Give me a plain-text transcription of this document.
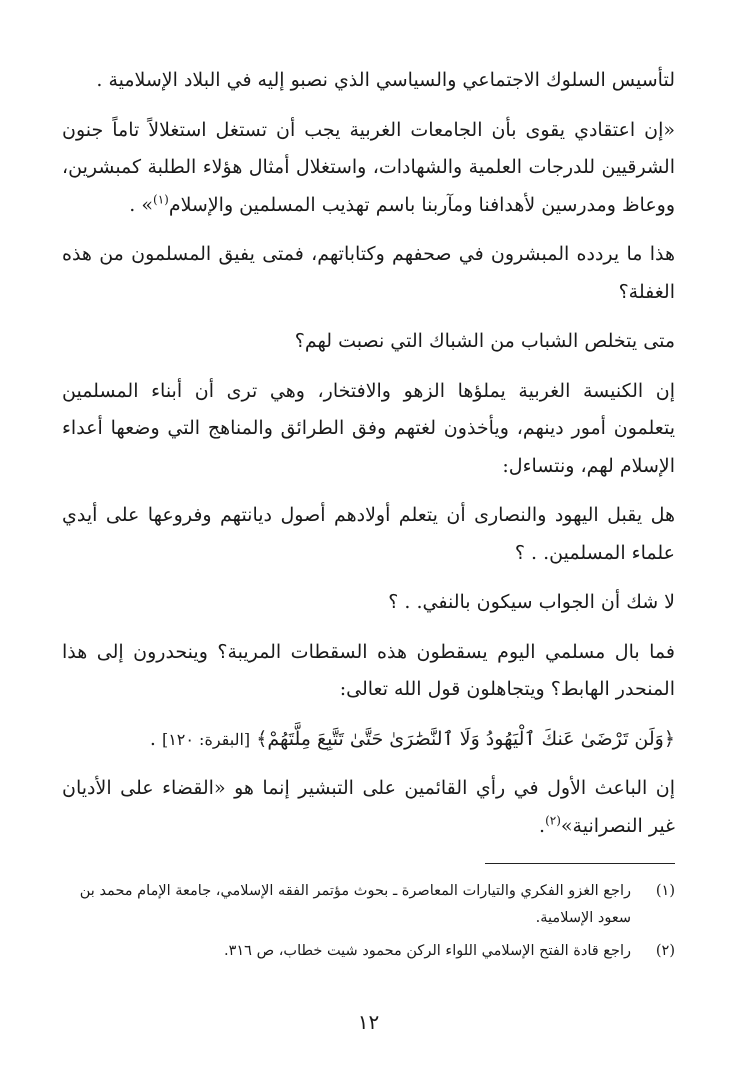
لتأسيس السلوك الاجتماعي والسياسي الذي نصبو إليه في البلاد الإسلامية .

«إن اعتقادي يقوى بأن الجامعات الغربية يجب أن تستغل استغلالاً تاماً جنون الشرقيين للدرجات العلمية والشهادات، واستغلال أمثال هؤلاء الطلبة كمبشرين، ووعاظ ومدرسين لأهدافنا ومآربنا باسم تهذيب المسلمين والإسلام$^{(١)}$» .

هذا ما يردده المبشرون في صحفهم وكتاباتهم، فمتى يفيق المسلمون من هذه الغفلة؟

متى يتخلص الشباب من الشباك التي نصبت لهم؟

إن الكنيسة الغربية يملؤها الزهو والافتخار، وهي ترى أن أبناء المسلمين يتعلمون أمور دينهم، ويأخذون لغتهم وفق الطرائق والمناهج التي وضعها أعداء الإسلام لهم، ونتساءل:

هل يقبل اليهود والنصارى أن يتعلم أولادهم أصول ديانتهم وفروعها على أيدي علماء المسلمين. . ؟

لا شك أن الجواب سيكون بالنفي. . ؟

فما بال مسلمي اليوم يسقطون هذه السقطات المريبة؟ وينحدرون إلى هذا المنحدر الهابط؟ ويتجاهلون قول الله تعالى:

﴿وَلَن تَرْضَىٰ عَنكَ ٱلْيَهُودُ وَلَا ٱلنَّصَٰرَىٰ حَتَّىٰ تَتَّبِعَ مِلَّتَهُمْ﴾ [البقرة: ١٢٠] .

إن الباعث الأول في رأي القائمين على التبشير إنما هو «القضاء على الأديان غير النصرانية»$^{(٢)}$.

(١)
راجع الغزو الفكري والتيارات المعاصرة ـ بحوث مؤتمر الفقه الإسلامي، جامعة الإمام محمد بن سعود الإسلامية.
(٢)
راجع قادة الفتح الإسلامي اللواء الركن محمود شيت خطاب، ص ٣١٦.
١٢
